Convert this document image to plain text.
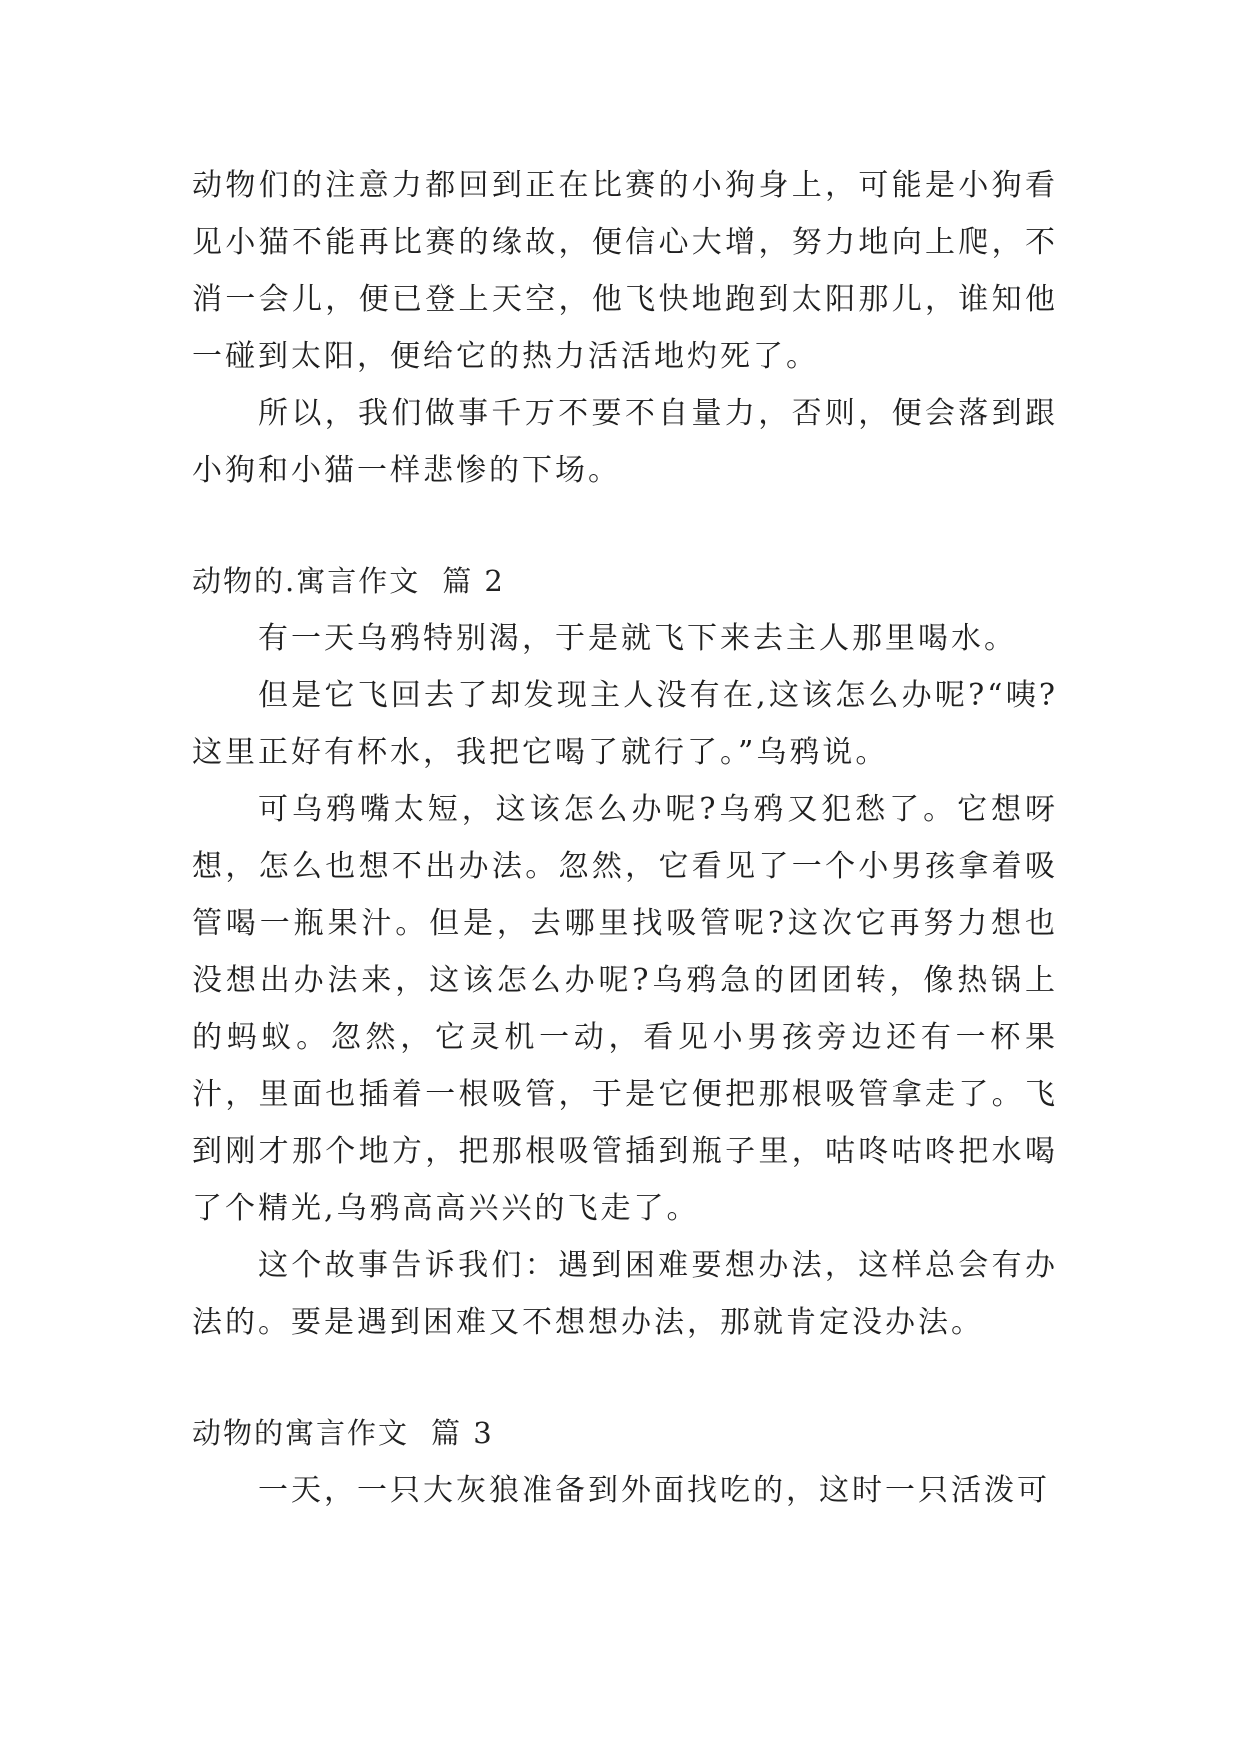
动物们的注意力都回到正在比赛的小狗身上，可能是小狗看见小猫不能再比赛的缘故，便信心大增，努力地向上爬，不消一会儿，便已登上天空，他飞快地跑到太阳那儿，谁知他一碰到太阳，便给它的热力活活地灼死了。

所以，我们做事千万不要不自量力，否则，便会落到跟小狗和小猫一样悲惨的下场。

动物的.寓言作文 篇 2

有一天乌鸦特别渴，于是就飞下来去主人那里喝水。

但是它飞回去了却发现主人没有在,这该怎么办呢?“咦?这里正好有杯水，我把它喝了就行了。”乌鸦说。

可乌鸦嘴太短，这该怎么办呢?乌鸦又犯愁了。它想呀想，怎么也想不出办法。忽然，它看见了一个小男孩拿着吸管喝一瓶果汁。但是，去哪里找吸管呢?这次它再努力想也没想出办法来，这该怎么办呢?乌鸦急的团团转，像热锅上的蚂蚁。忽然，它灵机一动，看见小男孩旁边还有一杯果汁，里面也插着一根吸管，于是它便把那根吸管拿走了。飞到刚才那个地方，把那根吸管插到瓶子里，咕咚咕咚把水喝了个精光,乌鸦高高兴兴的飞走了。

这个故事告诉我们：遇到困难要想办法，这样总会有办法的。要是遇到困难又不想想办法，那就肯定没办法。

动物的寓言作文 篇 3

一天，一只大灰狼准备到外面找吃的，这时一只活泼可
